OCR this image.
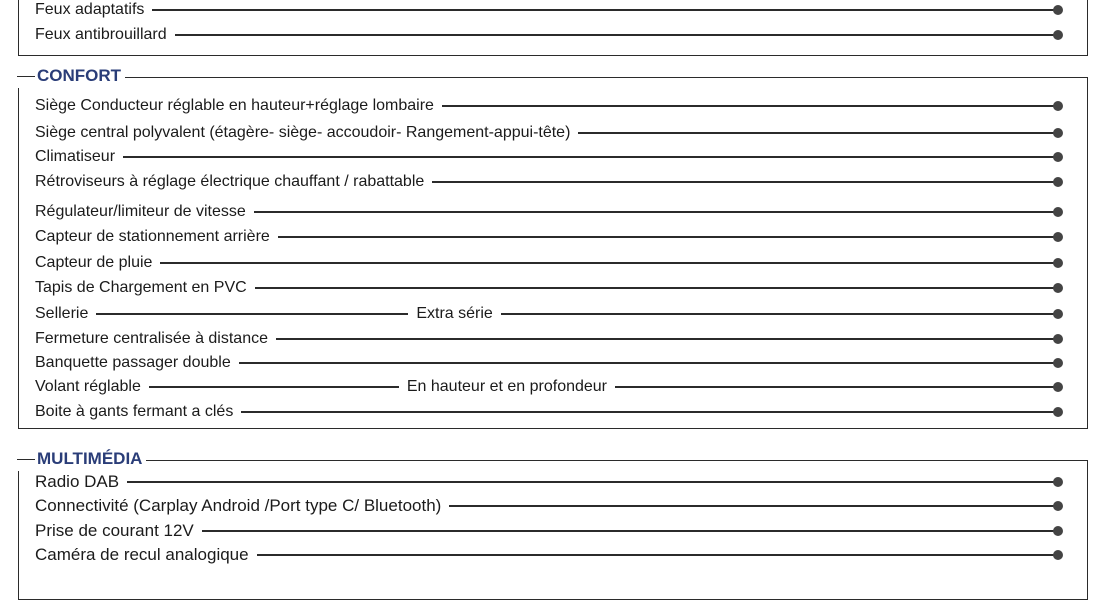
Feux adaptatifs
Feux antibrouillard
CONFORT
Siège Conducteur réglable en hauteur+réglage lombaire
Siège central polyvalent (étagère- siège- accoudoir- Rangement-appui-tête)
Climatiseur
Rétroviseurs à réglage électrique chauffant / rabattable
Régulateur/limiteur de vitesse
Capteur de stationnement arrière
Capteur de pluie
Tapis de Chargement en PVC
Sellerie	Extra série
Fermeture centralisée à distance
Banquette passager double
Volant réglable	En hauteur et en profondeur
Boite à gants fermant a clés
MULTIMÉDIA
Radio DAB
Connectivité (Carplay Android /Port type C/ Bluetooth)
Prise de courant 12V
Caméra de recul analogique
